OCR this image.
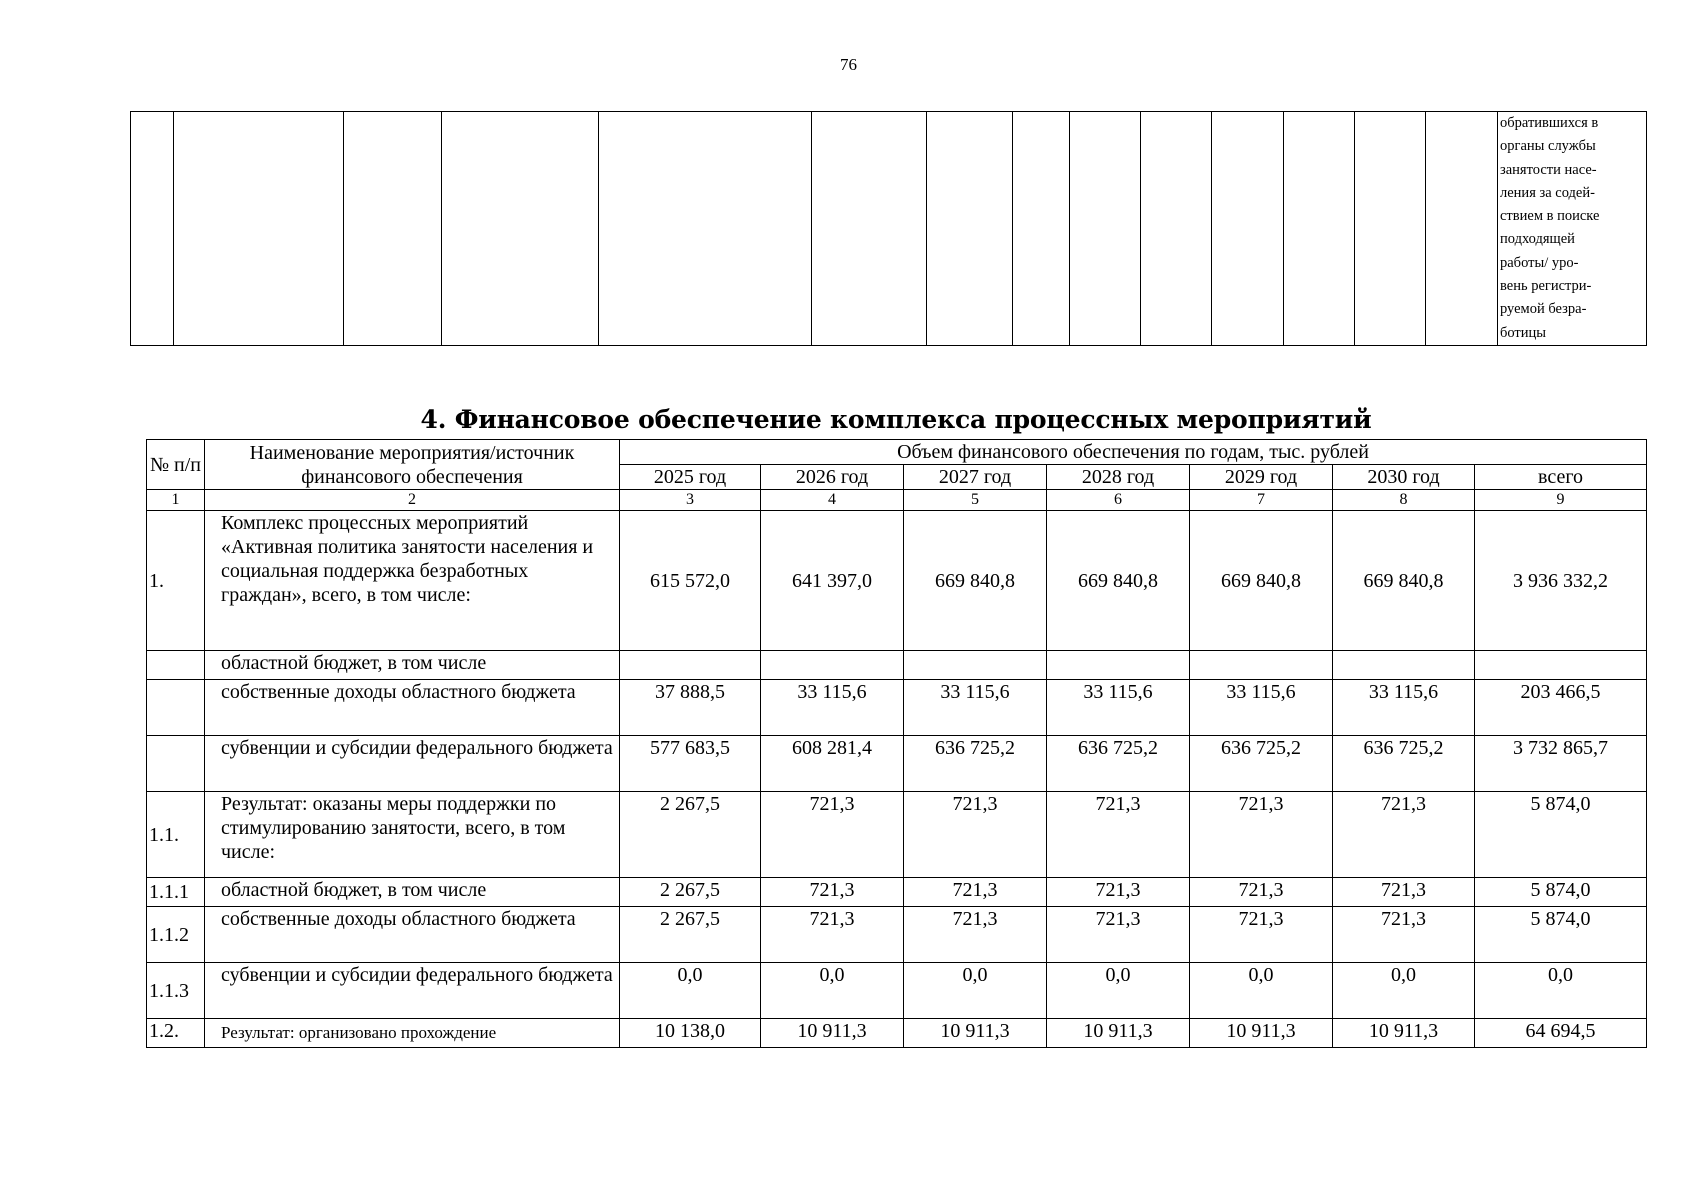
76
														обратившихся в
органы службы
занятости насе-
ления за содей-
ствием в поиске
подходящей
работы/ уро-
вень регистри-
руемой безра-
ботицы
4. Финансовое обеспечение комплекса процессных мероприятий
№ п/п	Наименование мероприятия/источник финансового обеспечения	Объем финансового обеспечения по годам, тыс. рублей						
		2025 год	2026 год	2027 год	2028 год	2029 год	2030 год	всего
1	2	3	4	5	6	7	8	9
1.	Комплекс процессных мероприятий «Активная политика занятости населения и социальная поддержка безработных граждан», всего, в том числе:	615 572,0	641 397,0	669 840,8	669 840,8	669 840,8	669 840,8	3 936 332,2
	областной бюджет, в том числе							
	собственные доходы областного бюджета	37 888,5	33 115,6	33 115,6	33 115,6	33 115,6	33 115,6	203 466,5
	субвенции и субсидии федерального бюджета	577 683,5	608 281,4	636 725,2	636 725,2	636 725,2	636 725,2	3 732 865,7
1.1.	Результат: оказаны меры поддержки по стимулированию занятости, всего, в том числе:	2 267,5	721,3	721,3	721,3	721,3	721,3	5 874,0
1.1.1	областной бюджет, в том числе	2 267,5	721,3	721,3	721,3	721,3	721,3	5 874,0
1.1.2	собственные доходы областного бюджета	2 267,5	721,3	721,3	721,3	721,3	721,3	5 874,0
1.1.3	субвенции и субсидии федерального бюджета	0,0	0,0	0,0	0,0	0,0	0,0	0,0
1.2.	Результат: организовано прохождение	10 138,0	10 911,3	10 911,3	10 911,3	10 911,3	10 911,3	64 694,5
